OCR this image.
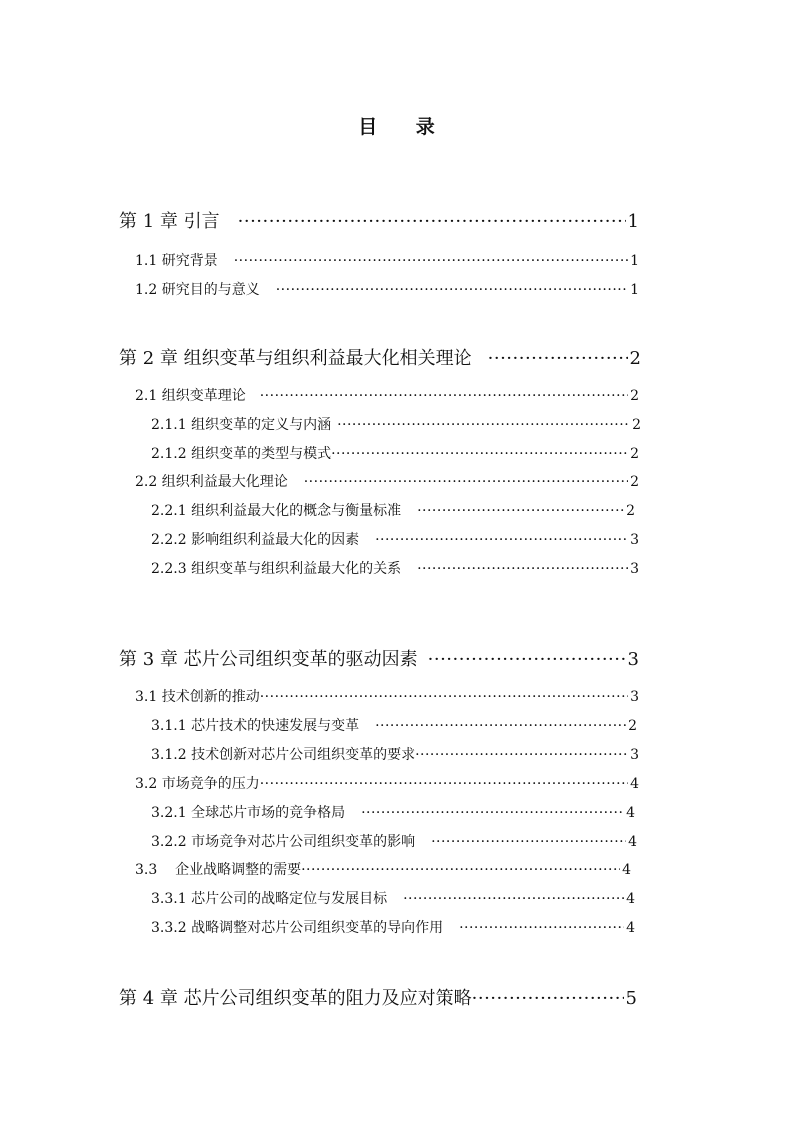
目 录
第 1 章 引言 ·····	1
1.1 研究背景 ·····	1
1.2 研究目的与意义 ·····	1
第 2 章 组织变革与组织利益最大化相关理论 ·····	2
2.1 组织变革理论 ·····	2
2.1.1 组织变革的定义与内涵 ·····	2
2.1.2 组织变革的类型与模式 ·····	2
2.2 组织利益最大化理论 ·····	2
2.2.1 组织利益最大化的概念与衡量标准 ·····	2
2.2.2 影响组织利益最大化的因素 ·····	3
2.2.3 组织变革与组织利益最大化的关系 ·····	3
第 3 章 芯片公司组织变革的驱动因素 ·····	3
3.1 技术创新的推动 ·····	3
3.1.1 芯片技术的快速发展与变革 ·····	2
3.1.2 技术创新对芯片公司组织变革的要求 ·····	3
3.2 市场竞争的压力 ·····	4
3.2.1 全球芯片市场的竞争格局 ·····	4
3.2.2 市场竞争对芯片公司组织变革的影响 ·····	4
3.3    企业战略调整的需要 ·····	4
3.3.1 芯片公司的战略定位与发展目标 ·····	4
3.3.2 战略调整对芯片公司组织变革的导向作用 ·····	4
第 4 章 芯片公司组织变革的阻力及应对策略 ·····	5
